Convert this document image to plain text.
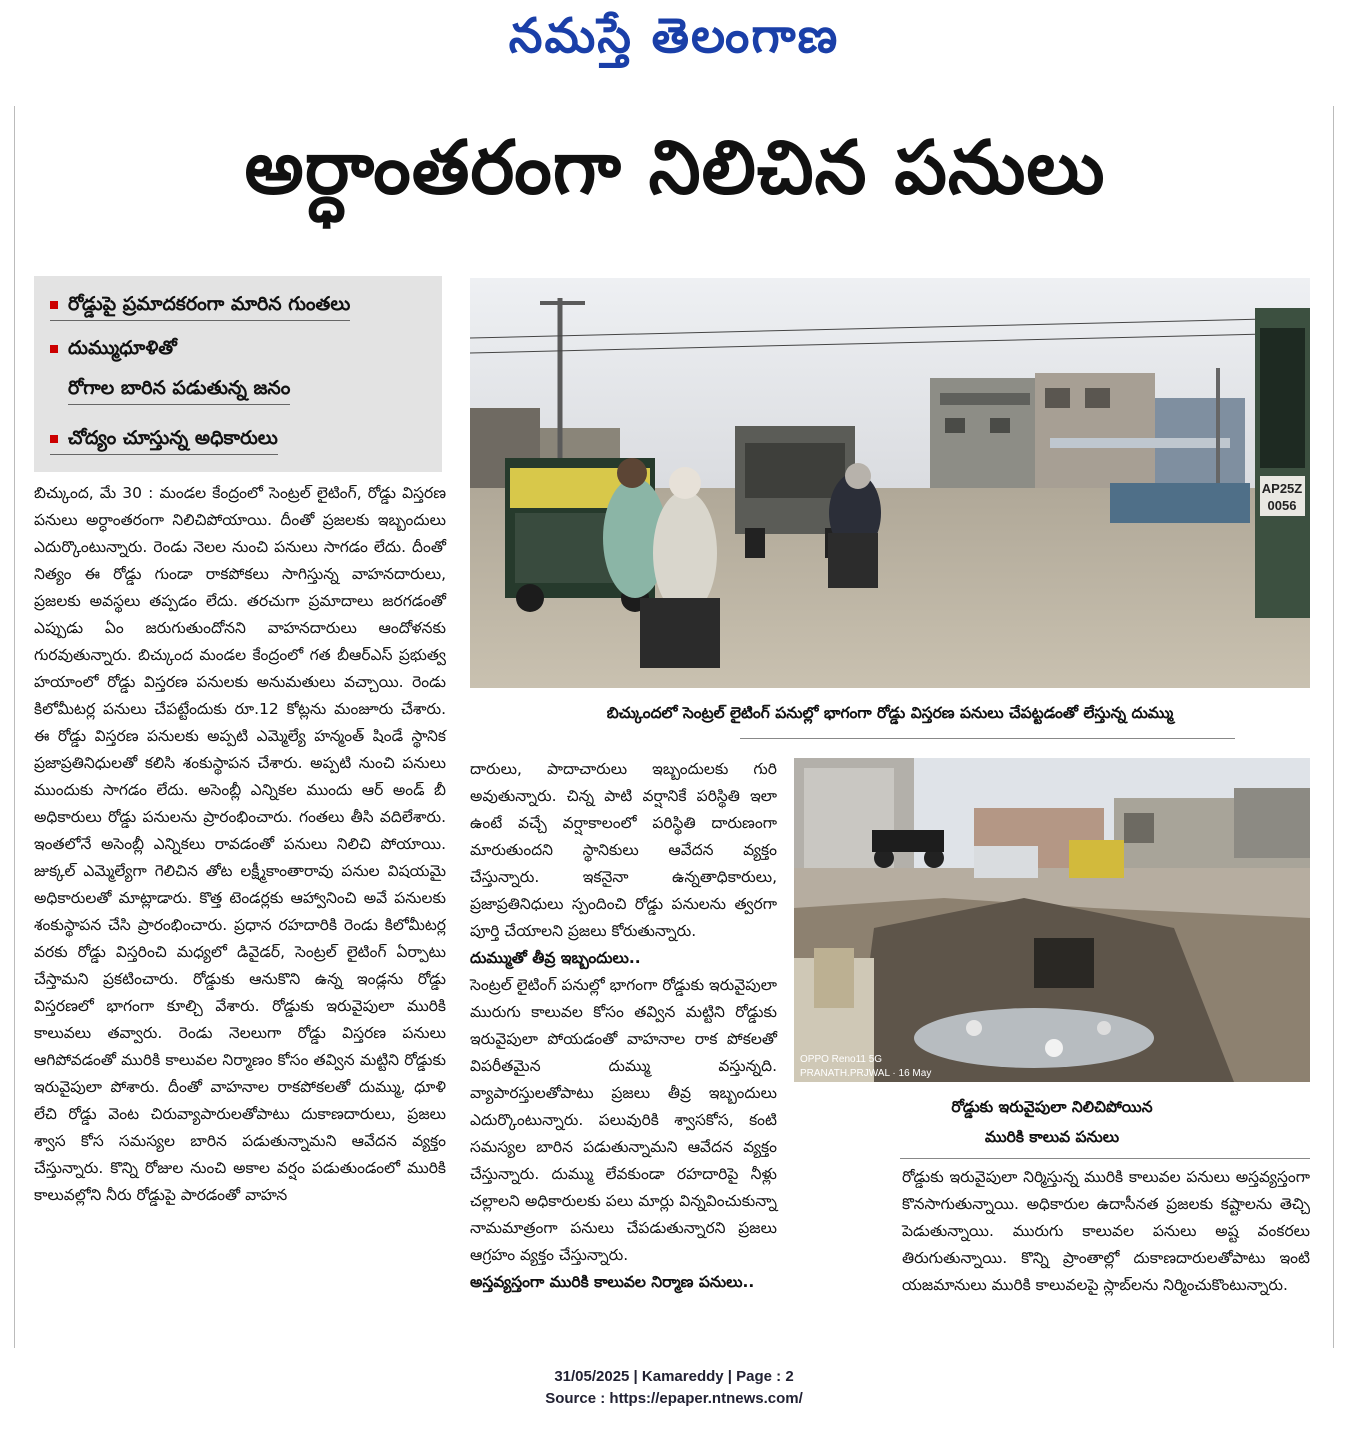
నమస్తే తెలంగాణ
అర్ధాంతరంగా నిలిచిన పనులు
రోడ్డుపై ప్రమాదకరంగా మారిన గుంతలు
దుమ్ముధూళితో
రోగాల బారిన పడుతున్న జనం
చోద్యం చూస్తున్న అధికారులు
బిచ్కుంద, మే 30 : మండల కేంద్రంలో సెంట్రల్ లైటింగ్, రోడ్డు విస్తరణ పనులు అర్ధాంతరంగా నిలిచిపోయాయి. దీంతో ప్రజలకు ఇబ్బందులు ఎదుర్కొంటున్నారు. రెండు నెలల నుంచి పనులు సాగడం లేదు. దీంతో నిత్యం ఈ రోడ్డు గుండా రాకపోకలు సాగిస్తున్న వాహనదారులు, ప్రజలకు అవస్థలు తప్పడం లేదు. తరచుగా ప్రమాదాలు జరగడంతో ఎప్పుడు ఏం జరుగుతుందోనని వాహనదారులు ఆందోళనకు గురవుతున్నారు. బిచ్కుంద మండల కేంద్రంలో గత బీఆర్ఎస్ ప్రభుత్వ హయాంలో రోడ్డు విస్తరణ పనులకు అనుమతులు వచ్చాయి. రెండు కిలోమీటర్ల పనులు చేపట్టేందుకు రూ.12 కోట్లను మంజూరు చేశారు. ఈ రోడ్డు విస్తరణ పనులకు అప్పటి ఎమ్మెల్యే హన్మంత్ షిండే స్థానిక ప్రజాప్రతినిధులతో కలిసి శంకుస్థాపన చేశారు. అప్పటి నుంచి పనులు ముందుకు సాగడం లేదు. అసెంబ్లీ ఎన్నికల ముందు ఆర్ అండ్ బీ అధికారులు రోడ్డు పనులను ప్రారంభించారు. గంతలు తీసి వదిలేశారు. ఇంతలోనే అసెంబ్లీ ఎన్నికలు రావడంతో పనులు నిలిచి పోయాయి. జుక్కల్ ఎమ్మెల్యేగా గెలిచిన తోట లక్ష్మీకాంతారావు పనుల విషయమై అధికారులతో మాట్లాడారు. కొత్త టెండర్లకు ఆహ్వానించి అవే పనులకు శంకుస్థాపన చేసి ప్రారంభించారు. ప్రధాన రహదారికి రెండు కిలోమీటర్ల వరకు రోడ్డు విస్తరించి మధ్యలో డివైడర్, సెంట్రల్ లైటింగ్ ఏర్పాటు చేస్తామని ప్రకటించారు. రోడ్డుకు ఆనుకొని ఉన్న ఇండ్లను రోడ్డు విస్తరణలో భాగంగా కూల్చి వేశారు. రోడ్డుకు ఇరువైపులా మురికి కాలువలు తవ్వారు. రెండు నెలలుగా రోడ్డు విస్తరణ పనులు ఆగిపోవడంతో మురికి కాలువల నిర్మాణం కోసం తవ్విన మట్టిని రోడ్డుకు ఇరువైపులా పోశారు. దీంతో వాహనాల రాకపోకలతో దుమ్ము, ధూళి లేచి రోడ్డు వెంట చిరువ్యాపారులతోపాటు దుకాణదారులు, ప్రజలు శ్వాస కోస సమస్యల బారిన పడుతున్నామని ఆవేదన వ్యక్తం చేస్తున్నారు. కొన్ని రోజుల నుంచి అకాల వర్షం పడుతుండంలో మురికి కాలువల్లోని నీరు రోడ్డుపై పారడంతో వాహన
AP25Z
0056
బిచ్కుందలో సెంట్రల్ లైటింగ్ పనుల్లో భాగంగా రోడ్డు విస్తరణ పనులు చేపట్టడంతో లేస్తున్న దుమ్ము
దారులు, పాదాచారులు ఇబ్బందులకు గురి అవుతున్నారు. చిన్న పాటి వర్షానికే పరిస్థితి ఇలా ఉంటే వచ్చే వర్షాకాలంలో పరిస్థితి దారుణంగా మారుతుందని స్థానికులు ఆవేదన వ్యక్తం చేస్తున్నారు. ఇకనైనా ఉన్నతాధికారులు, ప్రజాప్రతినిధులు స్పందించి రోడ్డు పనులను త్వరగా పూర్తి చేయాలని ప్రజలు కోరుతున్నారు.
దుమ్ముతో తీవ్ర ఇబ్బందులు..
సెంట్రల్ లైటింగ్ పనుల్లో భాగంగా రోడ్డుకు ఇరువైపులా మురుగు కాలువల కోసం తవ్విన మట్టిని రోడ్డుకు ఇరువైపులా పోయడంతో వాహనాల రాక పోకలతో విపరీతమైన దుమ్ము వస్తున్నది. వ్యాపారస్తులతోపాటు ప్రజలు తీవ్ర ఇబ్బందులు ఎదుర్కొంటున్నారు. పలువురికి శ్వాసకోస, కంటి సమస్యల బారిన పడుతున్నామని ఆవేదన వ్యక్తం చేస్తున్నారు. దుమ్ము లేవకుండా రహదారిపై నీళ్లు చల్లాలని అధికారులకు పలు మార్లు విన్నవించుకున్నా నామమాత్రంగా పనులు చేపడుతున్నారని ప్రజలు ఆగ్రహం వ్యక్తం చేస్తున్నారు.
అస్తవ్యస్తంగా మురికి కాలువల నిర్మాణ పనులు..
OPPO Reno11 5G
PRANATH.PRJWAL · 16 May
రోడ్డుకు ఇరువైపులా నిలిచిపోయిన
మురికి కాలువ పనులు
రోడ్డుకు ఇరువైపులా నిర్మిస్తున్న మురికి కాలువల పనులు అస్తవ్యస్తంగా కొనసాగుతున్నాయి. అధికారుల ఉదాసీనత ప్రజలకు కష్టాలను తెచ్చి పెడుతున్నాయి. మురుగు కాలువల పనులు అష్ట వంకరలు తిరుగుతున్నాయి. కొన్ని ప్రాంతాల్లో దుకాణదారులతోపాటు ఇంటి యజమానులు మురికి కాలువలపై స్లాబ్‌లను నిర్మించుకొంటున్నారు.
31/05/2025 | Kamareddy | Page : 2
Source : https://epaper.ntnews.com/
